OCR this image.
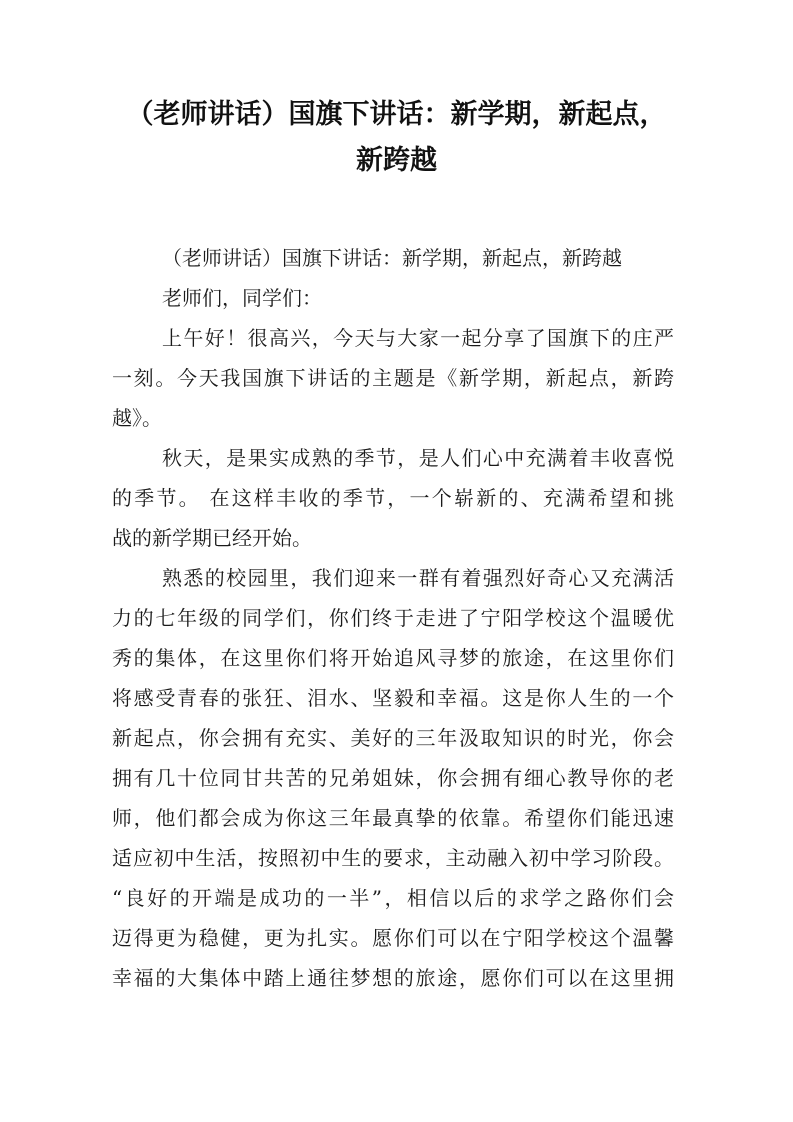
（老师讲话）国旗下讲话：新学期，新起点，
新跨越
（老师讲话）国旗下讲话：新学期，新起点，新跨越
老师们，同学们：
上午好！很高兴，今天与大家一起分享了国旗下的庄严
一刻。今天我国旗下讲话的主题是《新学期，新起点，新跨
越》。
秋天，是果实成熟的季节，是人们心中充满着丰收喜悦
的季节。 在这样丰收的季节，一个崭新的、充满希望和挑
战的新学期已经开始。
熟悉的校园里，我们迎来一群有着强烈好奇心又充满活
力的七年级的同学们，你们终于走进了宁阳学校这个温暖优
秀的集体，在这里你们将开始追风寻梦的旅途，在这里你们
将感受青春的张狂、泪水、坚毅和幸福。这是你人生的一个
新起点，你会拥有充实、美好的三年汲取知识的时光，你会
拥有几十位同甘共苦的兄弟姐妹，你会拥有细心教导你的老
师，他们都会成为你这三年最真挚的依靠。希望你们能迅速
适应初中生活，按照初中生的要求，主动融入初中学习阶段。
“良好的开端是成功的一半”，相信以后的求学之路你们会
迈得更为稳健，更为扎实。愿你们可以在宁阳学校这个温馨
幸福的大集体中踏上通往梦想的旅途，愿你们可以在这里拥
